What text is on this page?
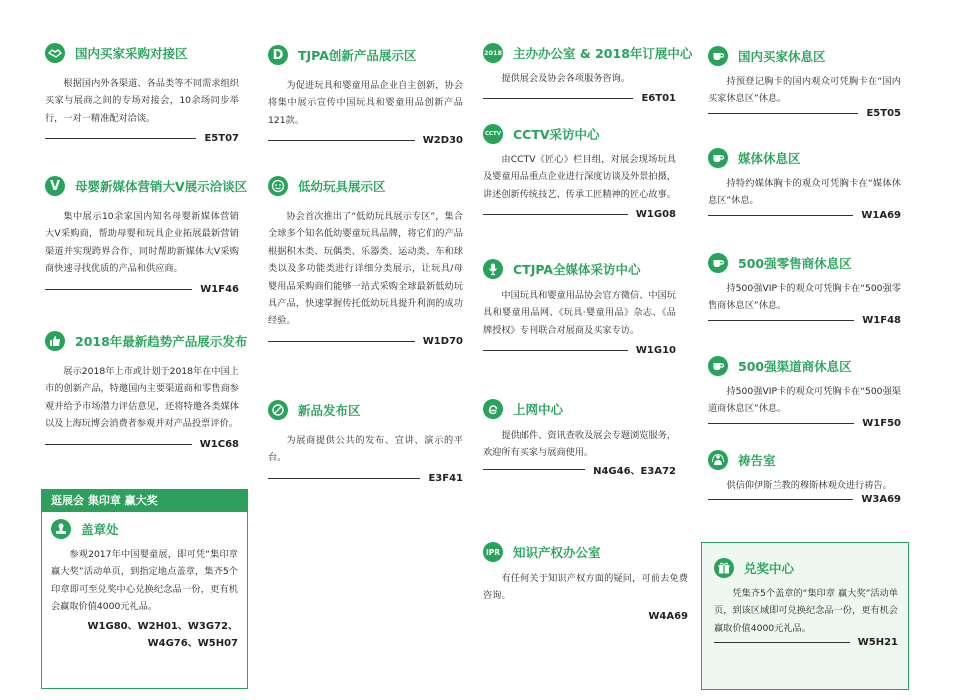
国内买家采购对接区
根据国内外各渠道、各品类等不同需求组织买家与展商之间的专场对接会，10余场同步举行，一对一精准配对洽谈。
E5T07
V	母婴新媒体营销大V展示洽谈区
集中展示10余家国内知名母婴新媒体营销大V采购商，帮助母婴和玩具企业拓展最新营销渠道并实现跨界合作，同时帮助新媒体大V采购商快速寻找优质的产品和供应商。
W1F46
2018年最新趋势产品展示发布
展示2018年上市或计划于2018年在中国上市的创新产品，特邀国内主要渠道商和零售商参观并给予市场潜力评估意见，还将特邀各类媒体以及上海玩博会消费者参观并对产品投票评价。
W1C68
逛展会 集印章 赢大奖
盖章处
参观2017年中国婴童展，即可凭“集印章 赢大奖”活动单页，到指定地点盖章，集齐5个印章即可至兑奖中心兑换纪念品一份，更有机会赢取价值4000元礼品。
W1G80、W2H01、W3G72、
W4G76、W5H07
D	TJPA创新产品展示区
为促进玩具和婴童用品企业自主创新，协会将集中展示宣传中国玩具和婴童用品创新产品121款。
W2D30
低幼玩具展示区
协会首次推出了“低幼玩具展示专区”，集合全球多个知名低幼婴童玩具品牌，将它们的产品根据积木类、玩偶类、乐器类、运动类、车和球类以及多功能类进行详细分类展示，让玩具/母婴用品采购商们能够一站式采购全球最新低幼玩具产品，快速掌握传托低幼玩具提升利润的成功经验。
W1D70
新品发布区
为展商提供公共的发布、宣讲、演示的平台。
E3F41
2018 主办办公室 & 2018年订展中心
提供展会及协会各项服务咨询。
E6T01
CCTV CCTV采访中心
由CCTV《匠心》栏目组，对展会现场玩具及婴童用品重点企业进行深度访谈及外景拍摄，讲述创新传统技艺、传承工匠精神的匠心故事。
W1G08
CTJPA全媒体采访中心
中国玩具和婴童用品协会官方微信、中国玩具和婴童用品网、《玩具·婴童用品》杂志、《品牌授权》专刊联合对展商及买家专访。
W1G10
上网中心
提供邮件、资讯查收及展会专题浏览服务，欢迎所有买家与展商使用。
N4G46、E3A72
IPR 知识产权办公室
有任何关于知识产权方面的疑问，可前去免费咨询。
W4A69
国内买家休息区
持预登记胸卡的国内观众可凭胸卡在“国内买家休息区”休息。
E5T05
媒体休息区
持特约媒体胸卡的观众可凭胸卡在“媒体休息区”休息。
W1A69
500强零售商休息区
持500强VIP卡的观众可凭胸卡在“500强零售商休息区”休息。
W1F48
500强渠道商休息区
持500强VIP卡的观众可凭胸卡在“500强渠道商休息区”休息。
W1F50
祷告室
供信仰伊斯兰教的穆斯林观众进行祷告。
W3A69
兑奖中心
凭集齐5个盖章的“集印章 赢大奖”活动单页，到该区域即可兑换纪念品一份，更有机会赢取价值4000元礼品。
W5H21
